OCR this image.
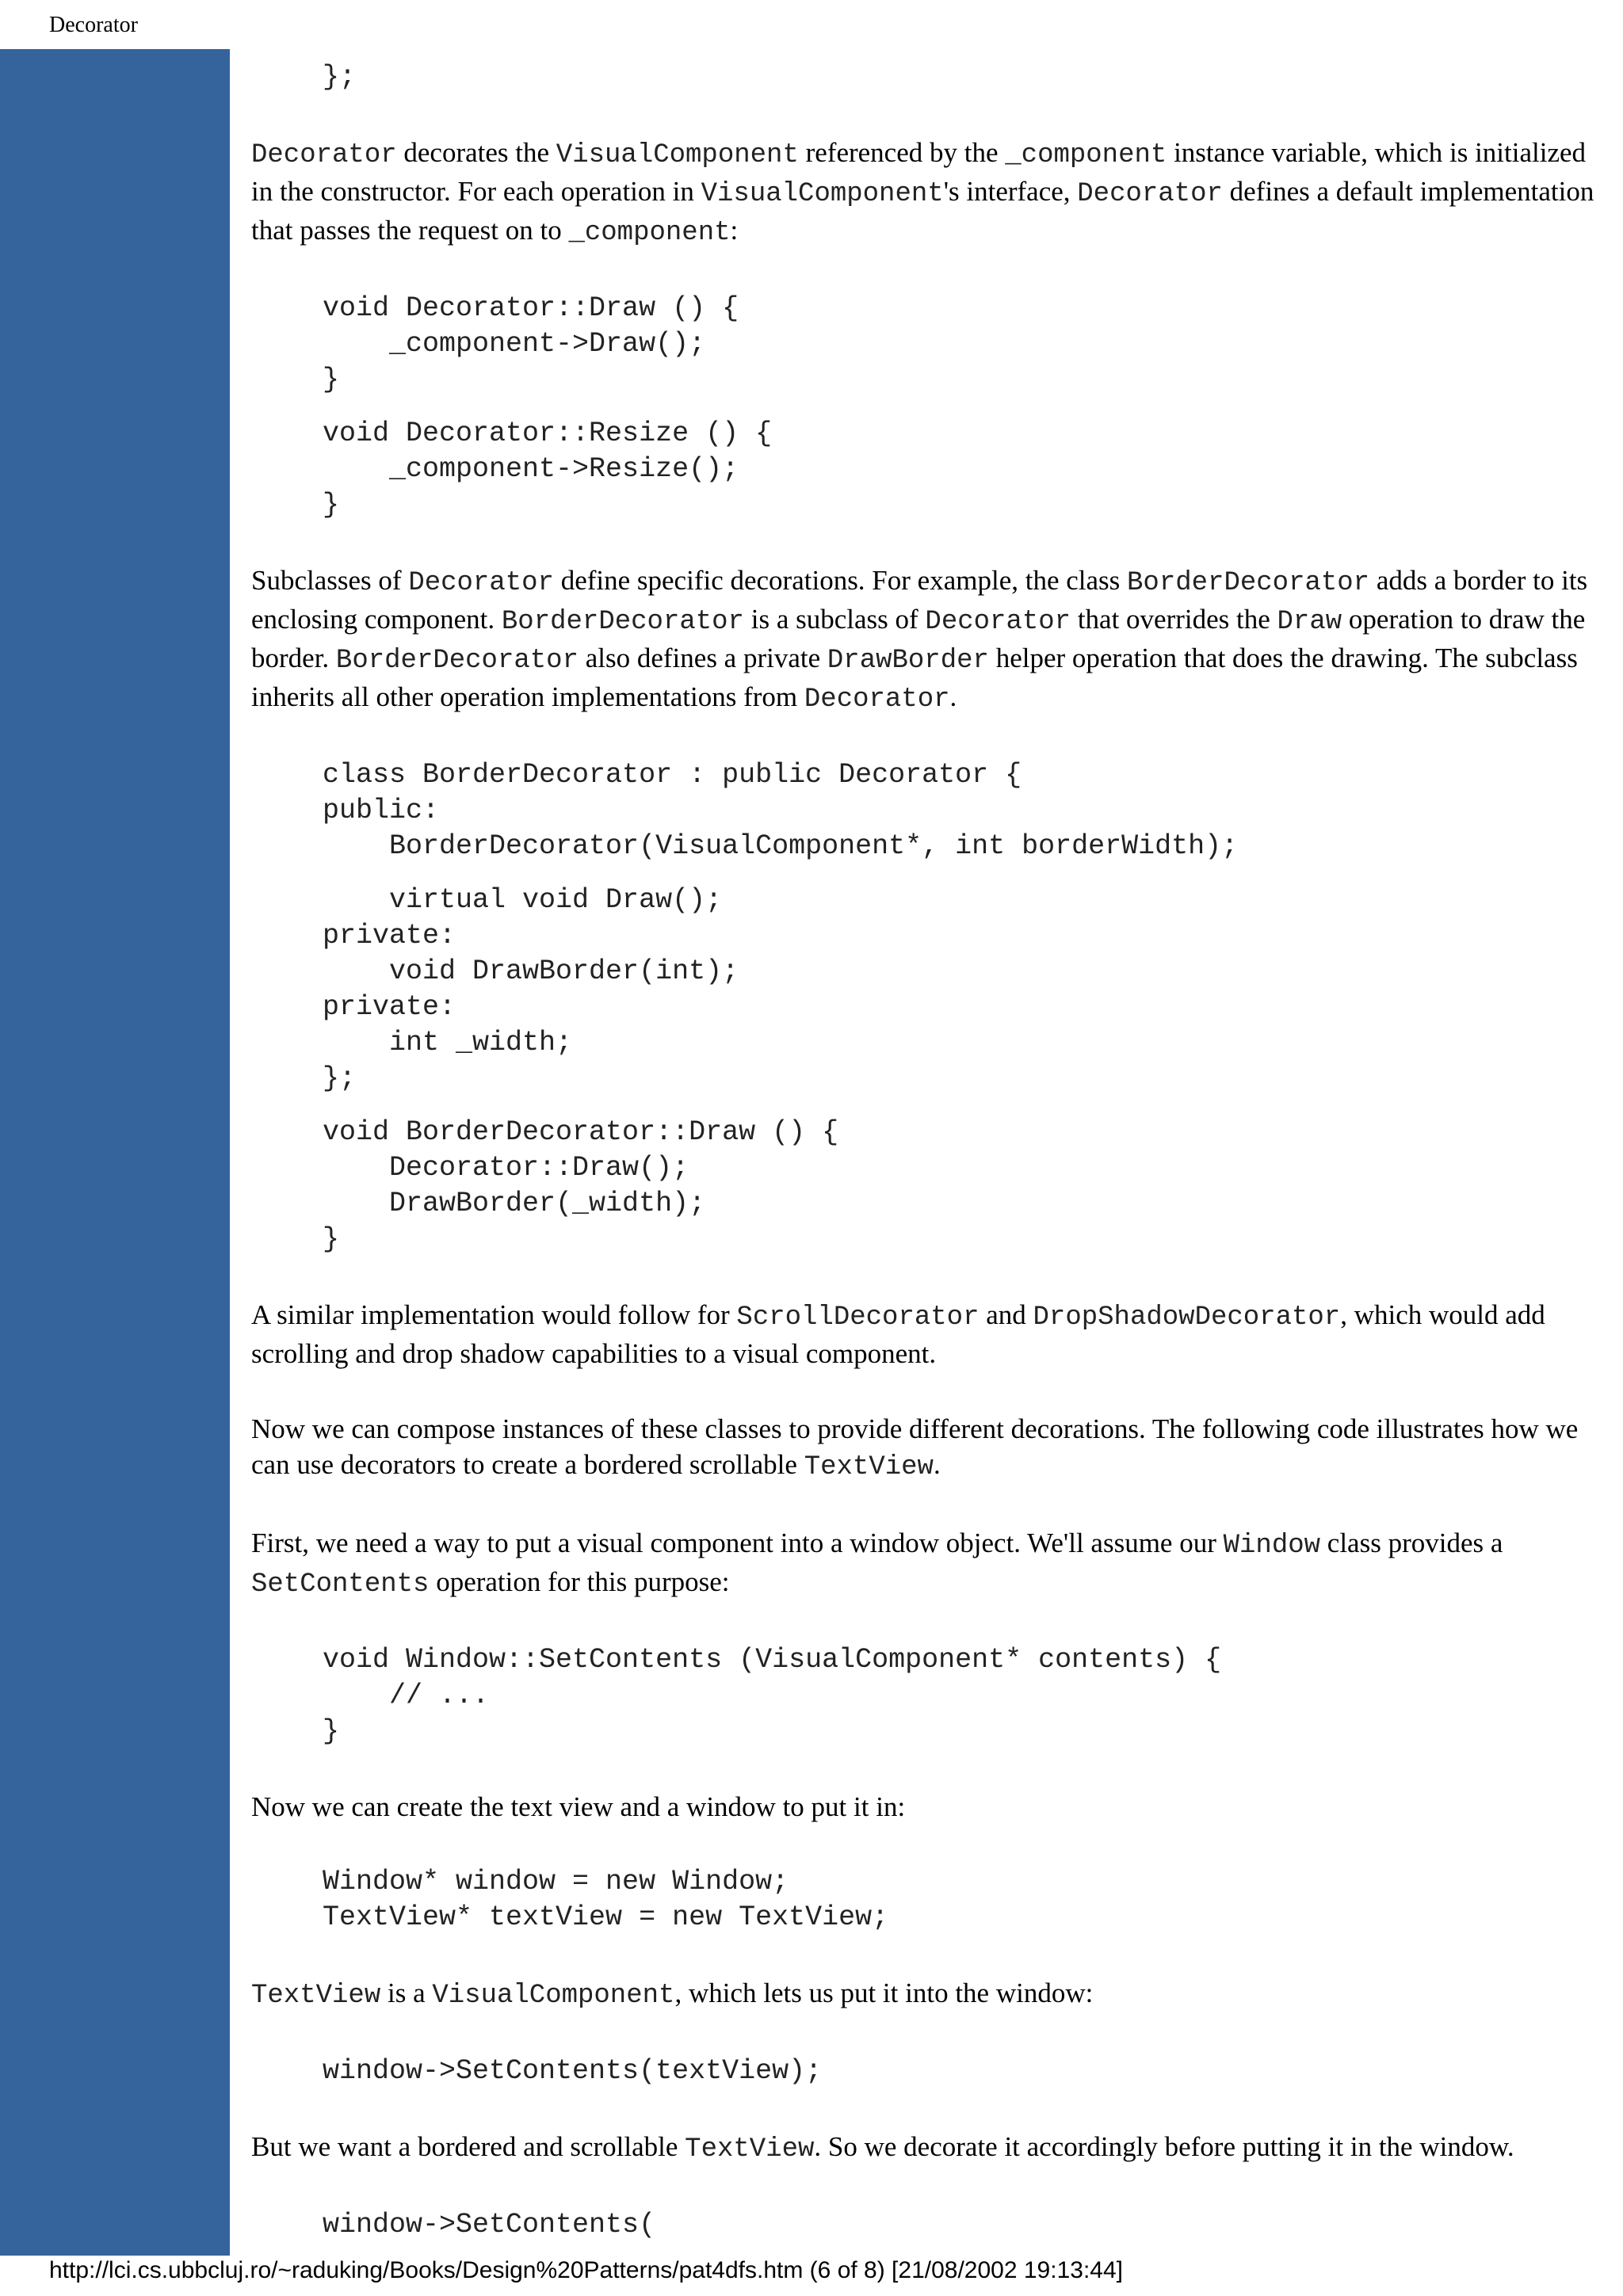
Decorator
};

Decorator decorates the VisualComponent referenced by the _component instance variable, which is initialized in the constructor. For each operation in VisualComponent's interface, Decorator defines a default implementation that passes the request on to _component:

void Decorator::Draw () {
_component->Draw();
}
void Decorator::Resize () {
_component->Resize();
}

Subclasses of Decorator define specific decorations. For example, the class BorderDecorator adds a border to its enclosing component. BorderDecorator is a subclass of Decorator that overrides the Draw operation to draw the border. BorderDecorator also defines a private DrawBorder helper operation that does the drawing. The subclass inherits all other operation implementations from Decorator.

class BorderDecorator : public Decorator {
public:
BorderDecorator(VisualComponent*, int borderWidth);
virtual void Draw();
private:
void DrawBorder(int);
private:
int _width;
};
void BorderDecorator::Draw () {
Decorator::Draw();
DrawBorder(_width);
}

A similar implementation would follow for ScrollDecorator and DropShadowDecorator, which would add scrolling and drop shadow capabilities to a visual component.

Now we can compose instances of these classes to provide different decorations. The following code illustrates how we can use decorators to create a bordered scrollable TextView.

First, we need a way to put a visual component into a window object. We'll assume our Window class provides a SetContents operation for this purpose:

void Window::SetContents (VisualComponent* contents) {
// ...
}

Now we can create the text view and a window to put it in:

Window* window = new Window;
TextView* textView = new TextView;

TextView is a VisualComponent, which lets us put it into the window:

window->SetContents(textView);

But we want a bordered and scrollable TextView. So we decorate it accordingly before putting it in the window.

window->SetContents(
http://lci.cs.ubbcluj.ro/~raduking/Books/Design%20Patterns/pat4dfs.htm (6 of 8) [21/08/2002 19:13:44]
